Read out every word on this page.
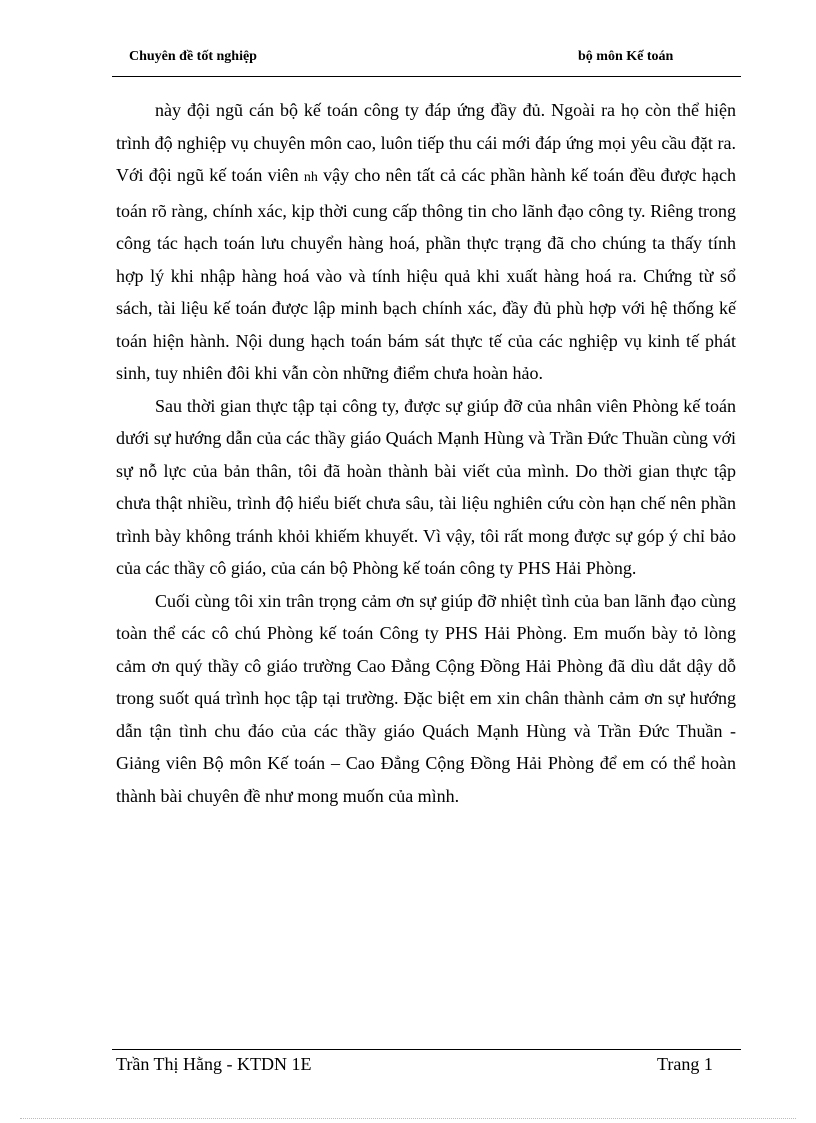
Chuyên đề tốt nghiệp	bộ môn Kế toán

này đội ngũ cán bộ kế toán công ty đáp ứng đầy đủ. Ngoài ra họ còn thể hiện trình độ nghiệp vụ chuyên môn cao, luôn tiếp thu cái mới đáp ứng mọi yêu cầu đặt ra. Với đội ngũ kế toán viên nh vậy cho nên tất cả các phần hành kế toán đều được hạch toán rõ ràng, chính xác, kịp thời cung cấp thông tin cho lãnh đạo công ty. Riêng trong công tác hạch toán lưu chuyển hàng hoá, phần thực trạng đã cho chúng ta thấy tính hợp lý khi nhập hàng hoá vào và tính hiệu quả khi xuất hàng hoá ra. Chứng từ sổ sách, tài liệu kế toán được lập minh bạch chính xác, đầy đủ phù hợp với hệ thống kế toán hiện hành. Nội dung hạch toán bám sát thực tế của các nghiệp vụ kinh tế phát sinh, tuy nhiên đôi khi vẫn còn những điểm chưa hoàn hảo.

Sau thời gian thực tập tại công ty, được sự giúp đỡ của nhân viên Phòng kế toán dưới sự hướng dẫn của các thầy giáo Quách Mạnh Hùng và Trần Đức Thuần cùng với sự nỗ lực của bản thân, tôi đã hoàn thành bài viết của mình. Do thời gian thực tập chưa thật nhiều, trình độ hiểu biết chưa sâu, tài liệu nghiên cứu còn hạn chế nên phần trình bày không tránh khỏi khiếm khuyết. Vì vậy, tôi rất mong được sự góp ý chỉ bảo của các thầy cô giáo, của cán bộ Phòng kế toán công ty PHS Hải Phòng.

Cuối cùng tôi xin trân trọng cảm ơn sự giúp đỡ nhiệt tình của ban lãnh đạo cùng toàn thể các cô chú Phòng kế toán Công ty PHS Hải Phòng. Em muốn bày tỏ lòng cảm ơn quý thầy cô giáo trường Cao Đẳng Cộng Đồng Hải Phòng đã dìu dắt dậy dỗ trong suốt quá trình học tập tại trường. Đặc biệt em xin chân thành cảm ơn sự hướng dẫn tận tình chu đáo của các thầy giáo Quách Mạnh Hùng và Trần Đức Thuần - Giảng viên Bộ môn Kế toán – Cao Đẳng Cộng Đồng Hải Phòng để em có thể hoàn thành bài chuyên đề như mong muốn của mình.

Trần Thị Hằng - KTDN 1E	Trang 1
